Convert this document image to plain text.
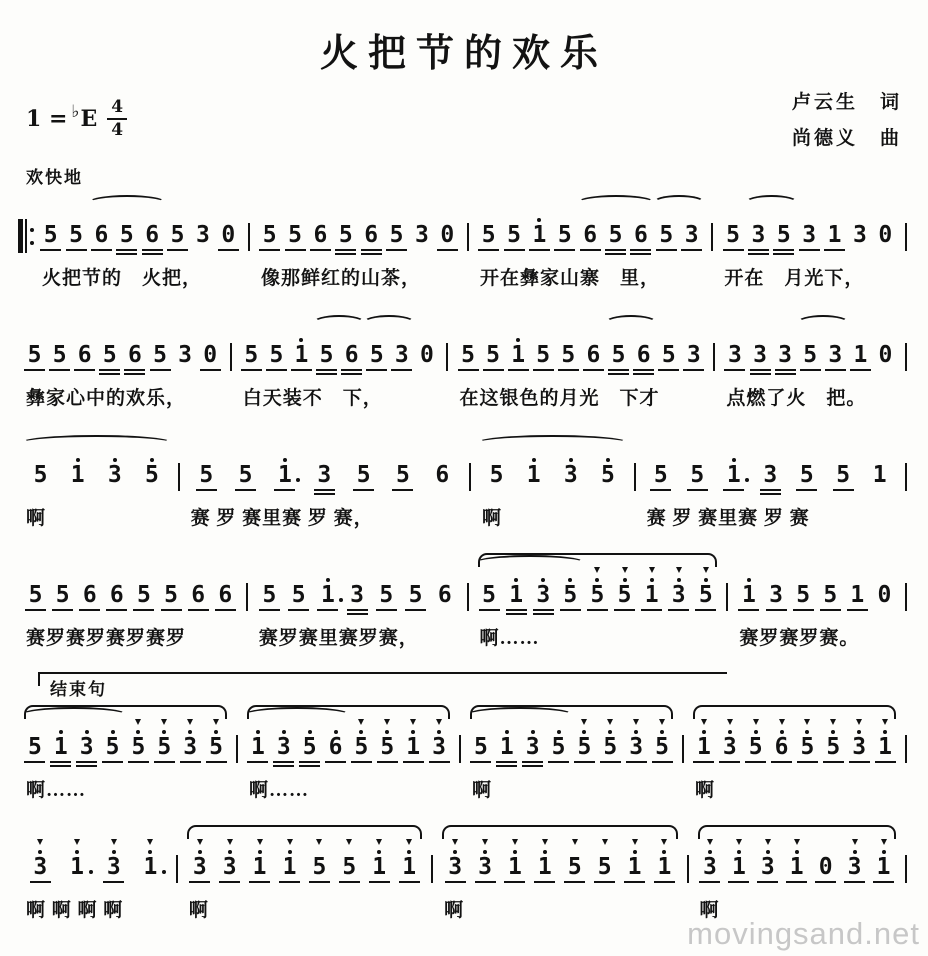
火把节的欢乐
1 = ♭ E $\frac{4}{4}$	卢云生　词
尚德义　曲
欢快地
5 5 6 5 6 5 3 0
火把节的　火把，
5 5 6 5 6 5 3 0
像那鲜红的山茶，
5 5 1 5 6 5 6 5 3
开在彝家山寨　里，
5 3 5 3 1 3 0
开在　月光下，
5 5 6 5 6 5 3 0
彝家心中的欢乐，
5 5 1 5 6 5 3 0
白天装不　下，
5 5 1 5 5 6 5 6 5 3
在这银色的月光　下才
3 3 3 5 3 1 0
点燃了火　把。
5 1 3 5
啊
5 5 1 3 5 5 6
赛 罗 赛里赛 罗 赛，
5 1 3 5
啊
5 5 1 3 5 5 1
赛 罗 赛里赛 罗 赛
5 5 6 6 5 5 6 6
赛罗赛罗赛罗赛罗
5 5 1 3 5 5 6
赛罗赛里赛罗赛，
5 1 3 5 5 5 1 3 5
啊……
1 3 5 5 1 0
赛罗赛罗赛。
结束句
5 1 3 5 5 5 3 5
啊……
1 3 5 6 5 5 1 3
啊……
5 1 3 5 5 5 3 5
啊
1 3 5 6 5 5 3 1
啊
3 1 3 1
啊 啊 啊 啊
3 3 1 1 5 5 1 1
啊
3 3 1 1 5 5 1 1
啊
3 1 3 1 0 3 1
啊
movingsand.net
